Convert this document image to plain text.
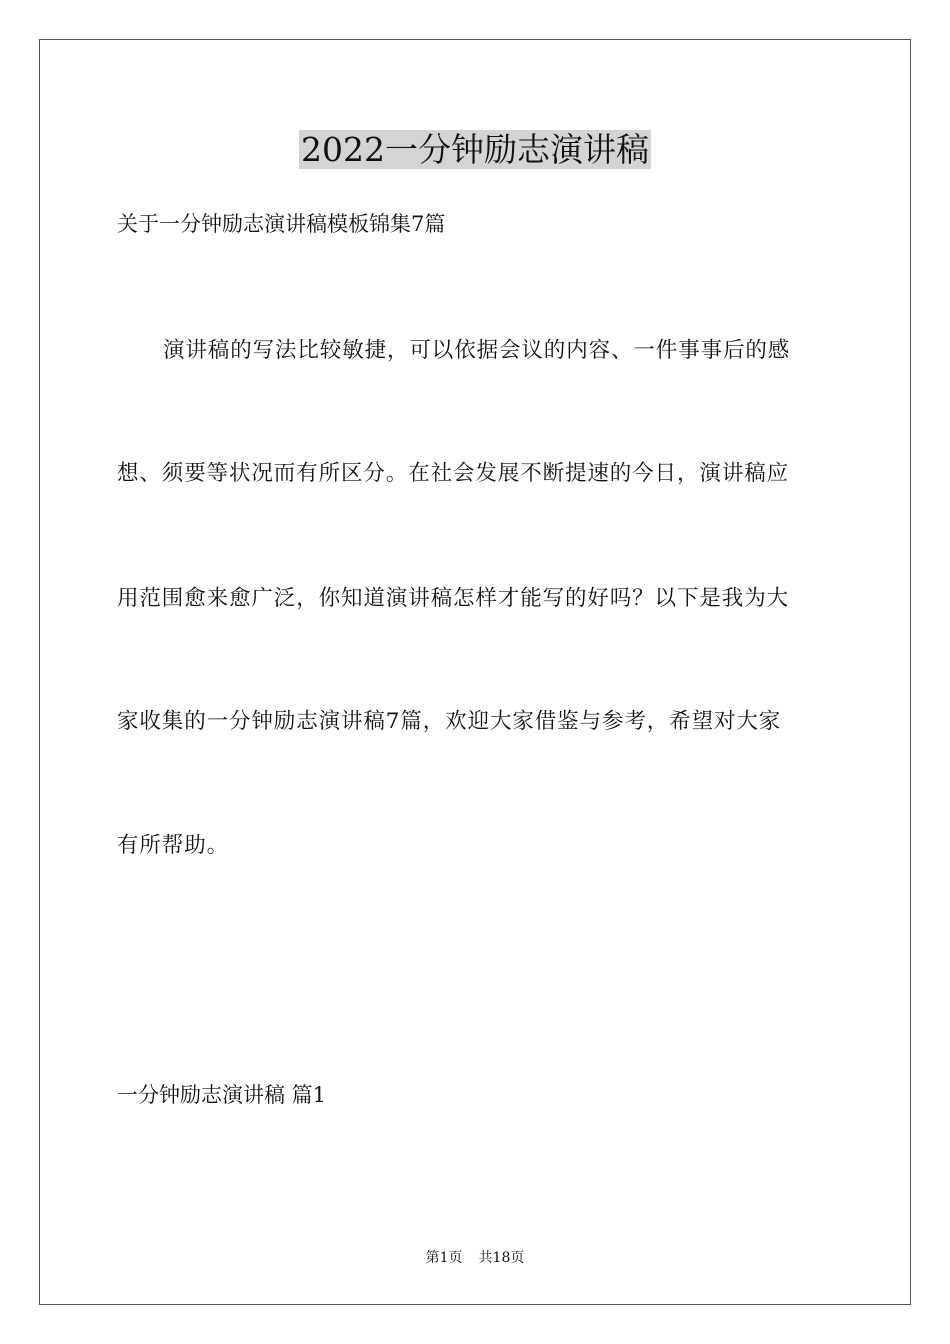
2022一分钟励志演讲稿
关于一分钟励志演讲稿模板锦集7篇
演讲稿的写法比较敏捷，可以依据会议的内容、一件事事后的感
想、须要等状况而有所区分。在社会发展不断提速的今日，演讲稿应
用范围愈来愈广泛，你知道演讲稿怎样才能写的好吗？以下是我为大
家收集的一分钟励志演讲稿7篇，欢迎大家借鉴与参考，希望对大家
有所帮助。
一分钟励志演讲稿 篇1
第1页 共18页
